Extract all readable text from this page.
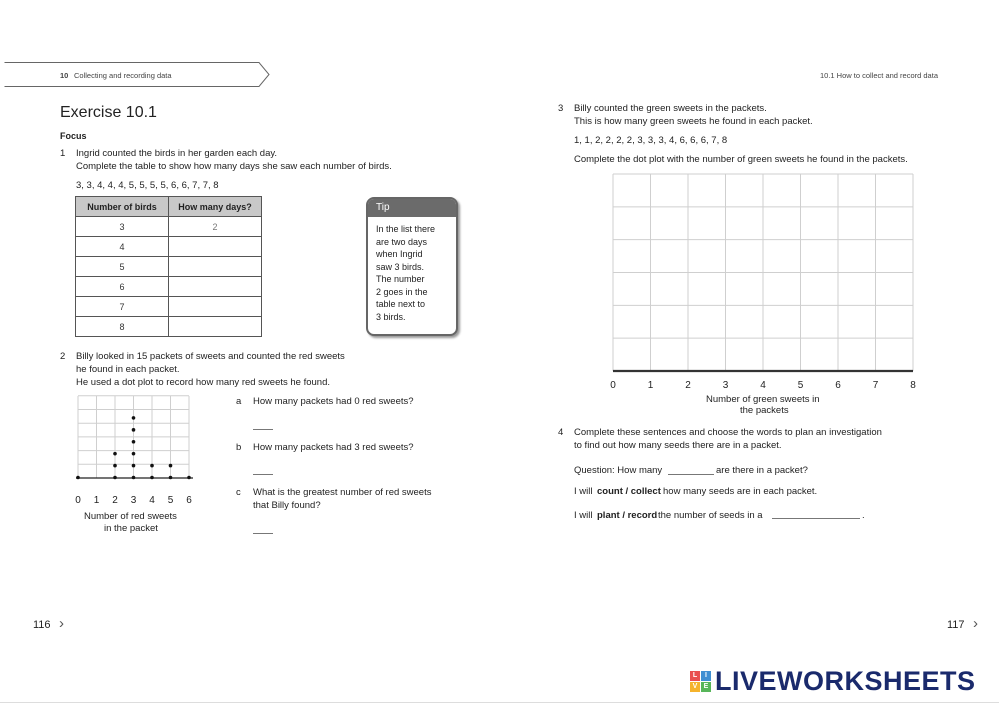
10 Collecting and recording data	10.1 How to collect and record data
Exercise 10.1
Focus
1 Ingrid counted the birds in her garden each day.
Complete the table to show how many days she saw each number of birds.
3, 3, 4, 4, 4, 5, 5, 5, 5, 6, 6, 7, 7, 8
Number of birds	How many days?
3	2
4	
5	
6	
7	
8	
Tip
In the list there
are two days
when Ingrid
saw 3 birds.
The number
2 goes in the
table next to
3 birds.
2 Billy looked in 15 packets of sweets and counted the red sweets
he found in each packet.
He used a dot plot to record how many red sweets he found.
0 1 2 3 4 5 6
Number of red sweets
in the packet
a How many packets had 0 red sweets?
b How many packets had 3 red sweets?
c What is the greatest number of red sweets
that Billy found?
3 Billy counted the green sweets in the packets.
This is how many green sweets he found in each packet.
1, 1, 2, 2, 2, 2, 3, 3, 3, 4, 6, 6, 6, 7, 8
Complete the dot plot with the number of green sweets he found in the packets.
0	1	2	3	4	5	6	7	8
Number of green sweets in
the packets
4 Complete these sentences and choose the words to plan an investigation
to find out how many seeds there are in a packet.
Question: How many	are there in a packet?
I will count / collect how many seeds are in each packet.
I will plant / record the number of seeds in a	.
116 ›	117 ›
L	I
V E LIVEWORKSHEETS
